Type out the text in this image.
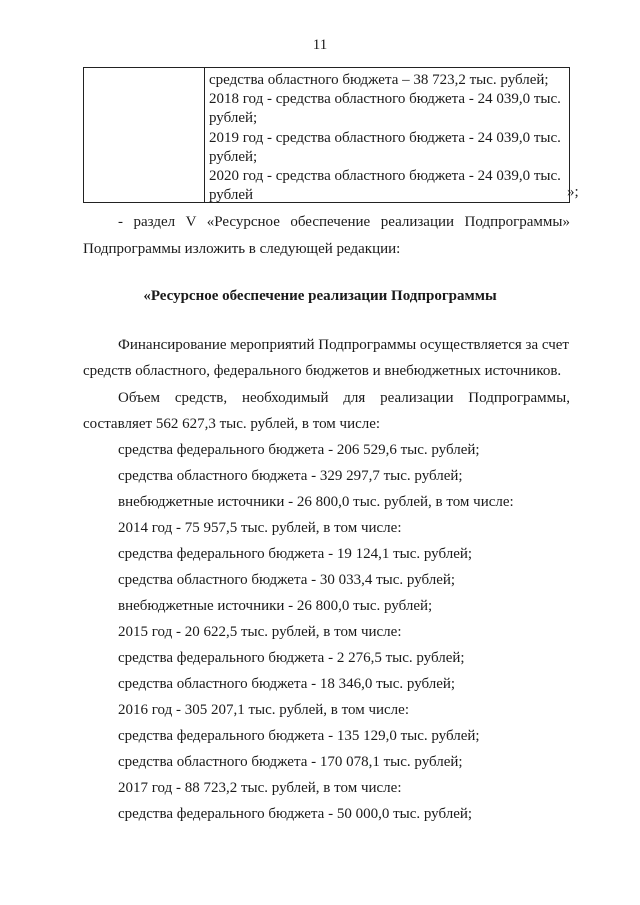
11
средства областного бюджета – 38 723,2 тыс. рублей;
2018 год - средства областного бюджета - 24 039,0 тыс.
рублей;
2019 год - средства областного бюджета - 24 039,0 тыс.
рублей;
2020 год - средства областного бюджета - 24 039,0 тыс.
рублей	»;
- раздел V «Ресурсное обеспечение реализации Подпрограммы»
Подпрограммы изложить в следующей редакции:
«Ресурсное обеспечение реализации Подпрограммы
Финансирование мероприятий Подпрограммы осуществляется за счет
средств областного, федерального бюджетов и внебюджетных источников.
Объем средств, необходимый для реализации Подпрограммы,
составляет 562 627,3 тыс. рублей, в том числе:
средства федерального бюджета - 206 529,6 тыс. рублей;
средства областного бюджета - 329 297,7 тыс. рублей;
внебюджетные источники - 26 800,0 тыс. рублей, в том числе:
2014 год - 75 957,5 тыс. рублей, в том числе:
средства федерального бюджета - 19 124,1 тыс. рублей;
средства областного бюджета - 30 033,4 тыс. рублей;
внебюджетные источники - 26 800,0 тыс. рублей;
2015 год - 20 622,5 тыс. рублей, в том числе:
средства федерального бюджета - 2 276,5 тыс. рублей;
средства областного бюджета - 18 346,0 тыс. рублей;
2016 год - 305 207,1 тыс. рублей, в том числе:
средства федерального бюджета - 135 129,0 тыс. рублей;
средства областного бюджета - 170 078,1 тыс. рублей;
2017 год - 88 723,2 тыс. рублей, в том числе:
средства федерального бюджета - 50 000,0 тыс. рублей;
